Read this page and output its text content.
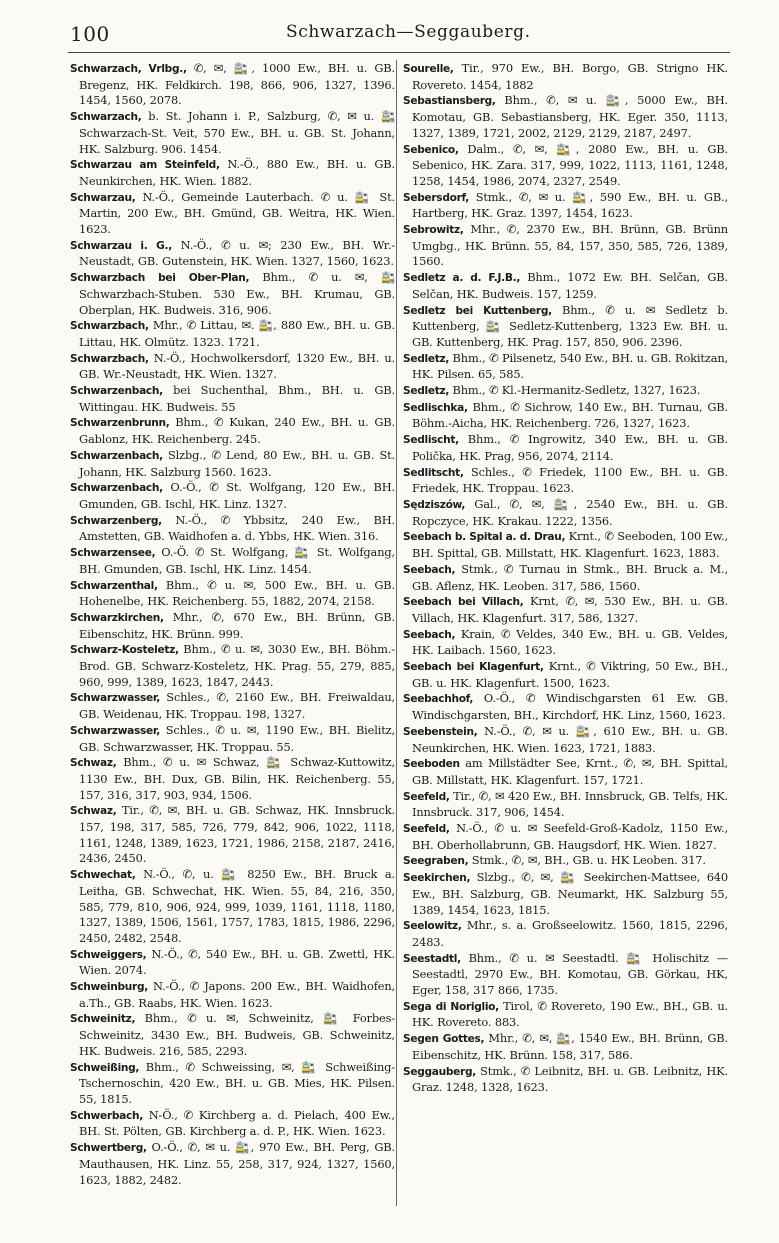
100	Schwarzach—Seggauberg.
Schwarzach, Vrlbg., ✆, ✉, 🚉, 1000 Ew., BH. u. GB. Bregenz, HK. Feldkirch. 198, 866, 906, 1327, 1396. 1454, 1560, 2078.
Schwarzach, b. St. Johann i. P., Salzburg, ✆, ✉ u. 🚉 Schwarzach-St. Veit, 570 Ew., BH. u. GB. St. Johann, HK. Salzburg. 906. 1454.
Schwarzau am Steinfeld, N.-Ö., 880 Ew., BH. u. GB. Neunkirchen, HK. Wien. 1882.
Schwarzau, N.-Ö., Gemeinde Lauterbach. ✆ u. 🚉 St. Martin, 200 Ew., BH. Gmünd, GB. Weitra, HK. Wien. 1623.
Schwarzau i. G., N.-Ö., ✆ u. ✉; 230 Ew., BH. Wr.-Neustadt, GB. Gutenstein, HK. Wien. 1327, 1560, 1623.
Schwarzbach bei Ober-Plan, Bhm., ✆ u. ✉, 🚉 Schwarzbach-Stuben. 530 Ew., BH. Krumau, GB. Oberplan, HK. Budweis. 316, 906.
Schwarzbach, Mhr., ✆ Littau, ✉. 🚉, 880 Ew., BH. u. GB. Littau, HK. Olmütz. 1323. 1721.
Schwarzbach, N.-Ö., Hochwolkersdorf, 1320 Ew., BH. u. GB. Wr.-Neustadt, HK. Wien. 1327.
Schwarzenbach, bei Suchenthal, Bhm., BH. u. GB. Wittingau. HK. Budweis. 55
Schwarzenbrunn, Bhm., ✆ Kukan, 240 Ew., BH. u. GB. Gablonz, HK. Reichenberg. 245.
Schwarzenbach, Slzbg., ✆ Lend, 80 Ew., BH. u. GB. St. Johann, HK. Salzburg 1560. 1623.
Schwarzenbach, O.-Ö., ✆ St. Wolfgang, 120 Ew., BH. Gmunden, GB. Ischl, HK. Linz. 1327.
Schwarzenberg, N.-Ö., ✆ Ybbsitz, 240 Ew., BH. Amstetten, GB. Waidhofen a. d. Ybbs, HK. Wien. 316.
Schwarzensee, O.-Ö. ✆ St. Wolfgang, 🚉 St. Wolfgang, BH. Gmunden, GB. Ischl, HK. Linz. 1454.
Schwarzenthal, Bhm., ✆ u. ✉, 500 Ew., BH. u. GB. Hohenelbe, HK. Reichenberg. 55, 1882, 2074, 2158.
Schwarzkirchen, Mhr., ✆, 670 Ew., BH. Brünn, GB. Eibenschitz, HK. Brünn. 999.
Schwarz-Kosteletz, Bhm., ✆ u. ✉, 3030 Ew., BH. Böhm.-Brod. GB. Schwarz-Kosteletz, HK. Prag. 55, 279, 885, 960, 999, 1389, 1623, 1847, 2443.
Schwarzwasser, Schles., ✆, 2160 Ew., BH. Freiwaldau, GB. Weidenau, HK. Troppau. 198, 1327.
Schwarzwasser, Schles., ✆ u. ✉, 1190 Ew., BH. Bielitz, GB. Schwarzwasser, HK. Troppau. 55.
Schwaz, Bhm., ✆ u. ✉ Schwaz, 🚉 Schwaz-Kuttowitz, 1130 Ew., BH. Dux, GB. Bilin, HK. Reichenberg. 55, 157, 316, 317, 903, 934, 1506.
Schwaz, Tir., ✆, ✉, BH. u. GB. Schwaz, HK. Innsbruck. 157, 198, 317, 585, 726, 779, 842, 906, 1022, 1118, 1161, 1248, 1389, 1623, 1721, 1986, 2158, 2187, 2416, 2436, 2450.
Schwechat, N.-Ö., ✆, u. 🚉 8250 Ew., BH. Bruck a. Leitha, GB. Schwechat, HK. Wien. 55, 84, 216, 350, 585, 779, 810, 906, 924, 999, 1039, 1161, 1118, 1180, 1327, 1389, 1506, 1561, 1757, 1783, 1815, 1986, 2296, 2450, 2482, 2548.
Schweiggers, N.-Ö., ✆, 540 Ew., BH. u. GB. Zwettl, HK. Wien. 2074.
Schweinburg, N.-Ö., ✆ Japons. 200 Ew., BH. Waidhofen, a.Th., GB. Raabs, HK. Wien. 1623.
Schweinitz, Bhm., ✆ u. ✉, Schweinitz, 🚉 Forbes-Schweinitz, 3430 Ew., BH. Budweis, GB. Schweinitz, HK. Budweis. 216, 585, 2293.
Schweißing, Bhm., ✆ Schweissing, ✉, 🚉 Schweißing-Tschernoschin, 420 Ew., BH. u. GB. Mies, HK. Pilsen. 55, 1815.
Schwerbach, N-Ö., ✆ Kirchberg a. d. Pielach, 400 Ew., BH. St. Pölten, GB. Kirchberg a. d. P., HK. Wien. 1623.
Schwertberg, O.-Ö., ✆, ✉ u. 🚉, 970 Ew., BH. Perg, GB. Mauthausen, HK. Linz. 55, 258, 317, 924, 1327, 1560, 1623, 1882, 2482.
Sourelle, Tir., 970 Ew., BH. Borgo, GB. Strigno HK. Rovereto. 1454, 1882
Sebastiansberg, Bhm., ✆, ✉ u. 🚉, 5000 Ew., BH. Komotau, GB. Sebastiansberg, HK. Eger. 350, 1113, 1327, 1389, 1721, 2002, 2129, 2129, 2187, 2497.
Sebenico, Dalm., ✆, ✉, 🚉, 2080 Ew., BH. u. GB. Sebenico, HK. Zara. 317, 999, 1022, 1113, 1161, 1248, 1258, 1454, 1986, 2074, 2327, 2549.
Sebersdorf, Stmk., ✆, ✉ u. 🚉, 590 Ew., BH. u. GB., Hartberg, HK. Graz. 1397, 1454, 1623.
Sebrowitz, Mhr., ✆, 2370 Ew., BH. Brünn, GB. Brünn Umgbg., HK. Brünn. 55, 84, 157, 350, 585, 726, 1389, 1560.
Sedletz a. d. F.J.B., Bhm., 1072 Ew. BH. Selčan, GB. Selčan, HK. Budweis. 157, 1259.
Sedletz bei Kuttenberg, Bhm., ✆ u. ✉ Sedletz b. Kuttenberg, 🚉 Sedletz-Kuttenberg, 1323 Ew. BH. u. GB. Kuttenberg, HK. Prag. 157, 850, 906. 2396.
Sedletz, Bhm., ✆ Pilsenetz, 540 Ew., BH. u. GB. Rokitzan, HK. Pilsen. 65, 585.
Sedletz, Bhm., ✆ Kl.-Hermanitz-Sedletz, 1327, 1623.
Sedlischka, Bhm., ✆ Sichrow, 140 Ew., BH. Turnau, GB. Böhm.-Aicha, HK. Reichenberg. 726, 1327, 1623.
Sedlischt, Bhm., ✆ Ingrowitz, 340 Ew., BH. u. GB. Polička, HK. Prag, 956, 2074, 2114.
Sedlitscht, Schles., ✆ Friedek, 1100 Ew., BH. u. GB. Friedek, HK. Troppau. 1623.
Sędziszów, Gal., ✆, ✉, 🚉, 2540 Ew., BH. u. GB. Ropczyce, HK. Krakau. 1222, 1356.
Seebach b. Spital a. d. Drau, Krnt., ✆ Seeboden, 100 Ew., BH. Spittal, GB. Millstatt, HK. Klagenfurt. 1623, 1883.
Seebach, Stmk., ✆ Turnau in Stmk., BH. Bruck a. M., GB. Aflenz, HK. Leoben. 317, 586, 1560.
Seebach bei Villach, Krnt, ✆, ✉, 530 Ew., BH. u. GB. Villach, HK. Klagenfurt. 317, 586, 1327.
Seebach, Krain, ✆ Veldes, 340 Ew., BH. u. GB. Veldes, HK. Laibach. 1560, 1623.
Seebach bei Klagenfurt, Krnt., ✆ Viktring, 50 Ew., BH., GB. u. HK. Klagenfurt. 1500, 1623.
Seebachhof, O.-Ö., ✆ Windischgarsten 61 Ew. GB. Windischgarsten, BH., Kirchdorf, HK. Linz, 1560, 1623.
Seebenstein, N.-Ö., ✆, ✉ u. 🚉, 610 Ew., BH. u. GB. Neunkirchen, HK. Wien. 1623, 1721, 1883.
Seeboden am Millstädter See, Krnt., ✆, ✉, BH. Spittal, GB. Millstatt, HK. Klagenfurt. 157, 1721.
Seefeld, Tir., ✆, ✉ 420 Ew., BH. Innsbruck, GB. Telfs, HK. Innsbruck. 317, 906, 1454.
Seefeld, N.-Ö., ✆ u. ✉ Seefeld-Groß-Kadolz, 1150 Ew., BH. Oberhollabrunn, GB. Haugsdorf, HK. Wien. 1827.
Seegraben, Stmk., ✆, ✉, BH., GB. u. HK Leoben. 317.
Seekirchen, Slzbg., ✆, ✉, 🚉 Seekirchen-Mattsee, 640 Ew., BH. Salzburg, GB. Neumarkt, HK. Salzburg 55, 1389, 1454, 1623, 1815.
Seelowitz, Mhr., s. a. Großseelowitz. 1560, 1815, 2296, 2483.
Seestadtl, Bhm., ✆ u. ✉ Seestadtl. 🚉 Holischitz — Seestadtl, 2970 Ew., BH. Komotau, GB. Görkau, HK, Eger, 158, 317 866, 1735.
Sega di Noriglio, Tirol, ✆ Rovereto, 190 Ew., BH., GB. u. HK. Rovereto. 883.
Segen Gottes, Mhr., ✆, ✉, 🚉, 1540 Ew., BH. Brünn, GB. Eibenschitz, HK. Brünn. 158, 317, 586.
Seggauberg, Stmk., ✆ Leibnitz, BH. u. GB. Leibnitz, HK. Graz. 1248, 1328, 1623.
